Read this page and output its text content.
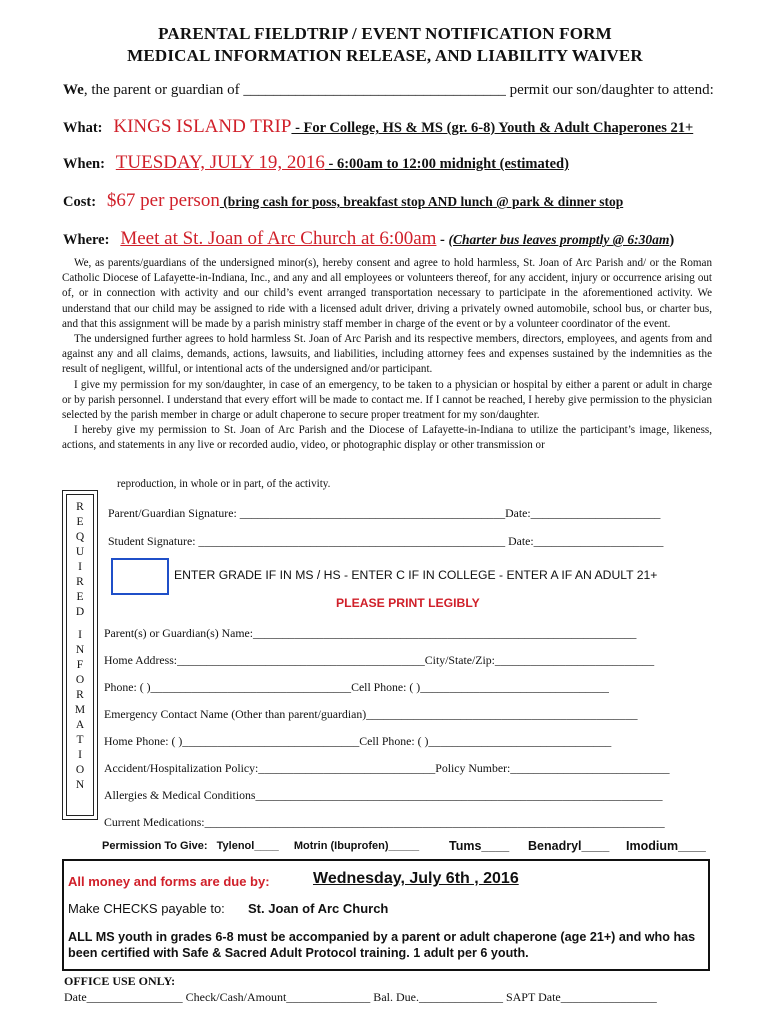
PARENTAL FIELDTRIP / EVENT NOTIFICATION FORM
MEDICAL INFORMATION RELEASE, AND LIABILITY WAIVER
We, the parent or guardian of ___________________________________ permit our son/daughter to attend:
What:   KINGS ISLAND TRIP - For College, HS & MS (gr. 6-8) Youth & Adult Chaperones 21+
When:   TUESDAY, JULY 19, 2016 - 6:00am to 12:00 midnight (estimated)
Cost: $67 per person (bring cash for poss, breakfast stop AND lunch @ park & dinner stop
Where:   Meet at St. Joan of Arc Church at 6:00am - (Charter bus leaves promptly @ 6:30am)

We, as parents/guardians of the undersigned minor(s), hereby consent and agree to hold harmless, St. Joan of Arc Parish and/ or the Roman Catholic Diocese of Lafayette-in-Indiana, Inc., and any and all employees or volunteers thereof, for any accident, injury or occurrence arising out of, or in connection with activity and our child’s event arranged transportation necessary to participate in the aforementioned activity. We understand that our child may be assigned to ride with a licensed adult driver, driving a privately owned automobile, school bus, or charter bus, and that this assignment will be made by a parish ministry staff member in charge of the event or by a volunteer coordinator of the event.

The undersigned further agrees to hold harmless St. Joan of Arc Parish and its respective members, directors, employees, and agents from and against any and all claims, demands, actions, lawsuits, and liabilities, including attorney fees and expenses sustained by the indemnities as the result of negligent, willful, or intentional acts of the undersigned and/or participant.

I give my permission for my son/daughter, in case of an emergency, to be taken to a physician or hospital by either a parent or adult in charge or by parish personnel. I understand that every effort will be made to contact me. If I cannot be reached, I hereby give permission to the physician selected by the parish member in charge or adult chaperone to secure proper treatment for my son/daughter.

I hereby give my permission to St. Joan of Arc Parish and the Diocese of Lafayette-in-Indiana to utilize the participant’s image, likeness, actions, and statements in any live or recorded audio, video, or photographic display or other transmission or

reproduction, in whole or in part, of the activity.
R
E
Q
U
I
R
E
D
I
N
F
O
R
M
A
T
I
O
N
Parent/Guardian Signature: _____________________________________________Date:______________________
Student Signature: ____________________________________________________ Date:______________________
ENTER GRADE IF IN MS / HS - ENTER C IF IN COLLEGE - ENTER A IF AN ADULT 21+
PLEASE PRINT LEGIBLY
Parent(s) or Guardian(s) Name:_________________________________________________________________
Home Address:__________________________________________City/State/Zip:___________________________
Phone: ( )__________________________________Cell Phone: ( )________________________________
Emergency Contact Name (Other than parent/guardian)______________________________________________
Home Phone: ( )______________________________Cell Phone: ( )_______________________________
Accident/Hospitalization Policy:______________________________Policy Number:___________________________
Allergies & Medical Conditions_____________________________________________________________________
Current Medications:______________________________________________________________________________
Permission To Give: Tylenol____ Motrin (Ibuprofen)_____ Tums____ Benadryl____ Imodium____
All money and forms are due by:	Wednesday, July 6th , 2016
Make CHECKS payable to: St. Joan of Arc Church
ALL MS youth in grades 6-8 must be accompanied by a parent or adult chaperone (age 21+) and who has been certified with Safe & Sacred Adult Protocol training. 1 adult per 6 youth.
OFFICE USE ONLY:
Date________________ Check/Cash/Amount______________ Bal. Due.______________ SAPT Date________________
